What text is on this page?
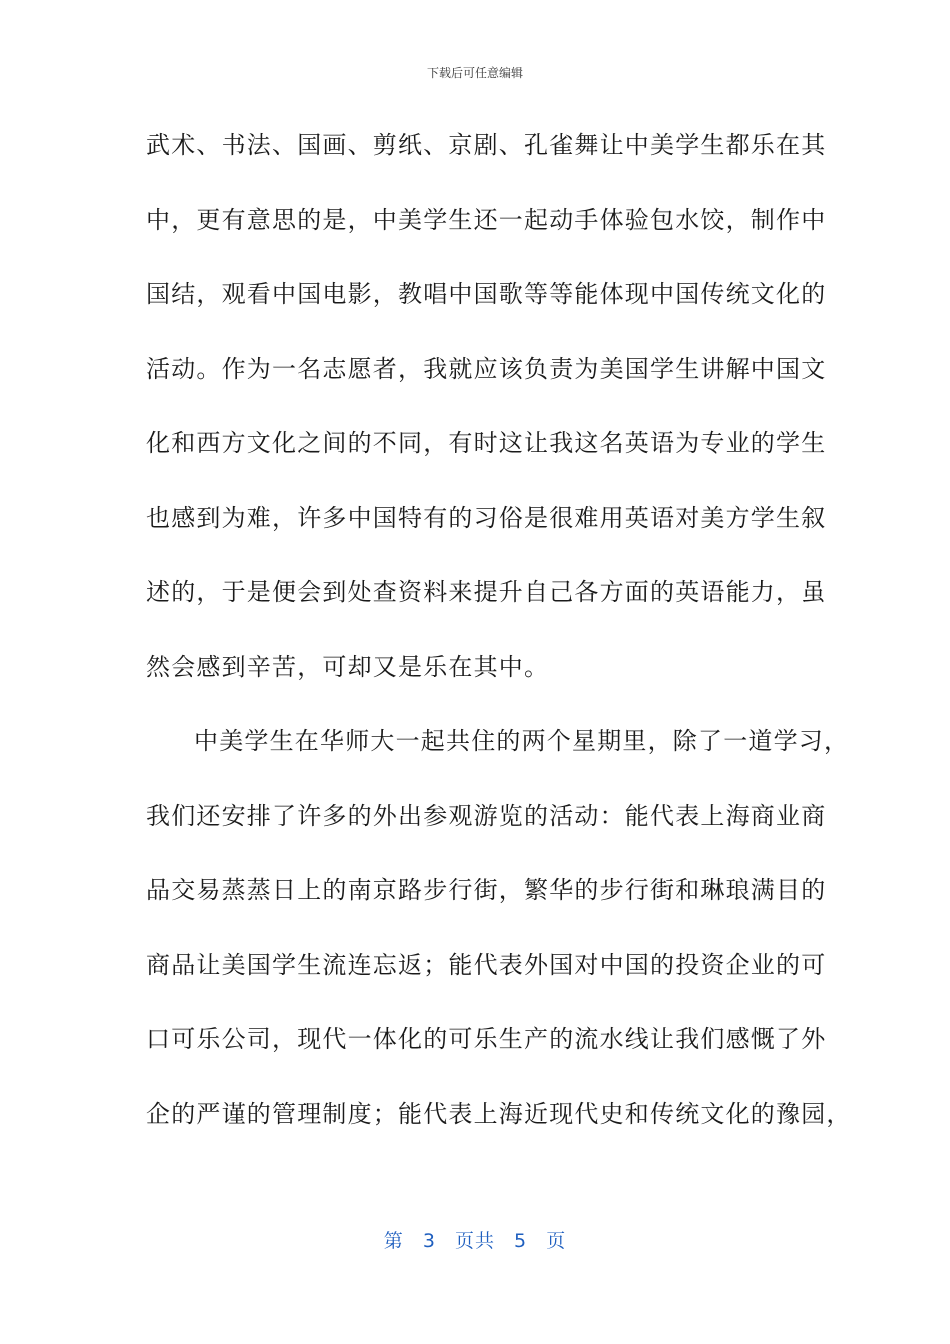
下载后可任意编辑
武术、书法、国画、剪纸、京剧、孔雀舞让中美学生都乐在其
中，更有意思的是，中美学生还一起动手体验包水饺，制作中
国结，观看中国电影，教唱中国歌等等能体现中国传统文化的
活动。作为一名志愿者，我就应该负责为美国学生讲解中国文
化和西方文化之间的不同，有时这让我这名英语为专业的学生
也感到为难，许多中国特有的习俗是很难用英语对美方学生叙
述的，于是便会到处查资料来提升自己各方面的英语能力，虽
然会感到辛苦，可却又是乐在其中。
中美学生在华师大一起共住的两个星期里，除了一道学习，
我们还安排了许多的外出参观游览的活动：能代表上海商业商
品交易蒸蒸日上的南京路步行街，繁华的步行街和琳琅满目的
商品让美国学生流连忘返；能代表外国对中国的投资企业的可
口可乐公司，现代一体化的可乐生产的流水线让我们感慨了外
企的严谨的管理制度；能代表上海近现代史和传统文化的豫园，
第 3 页共 5 页
